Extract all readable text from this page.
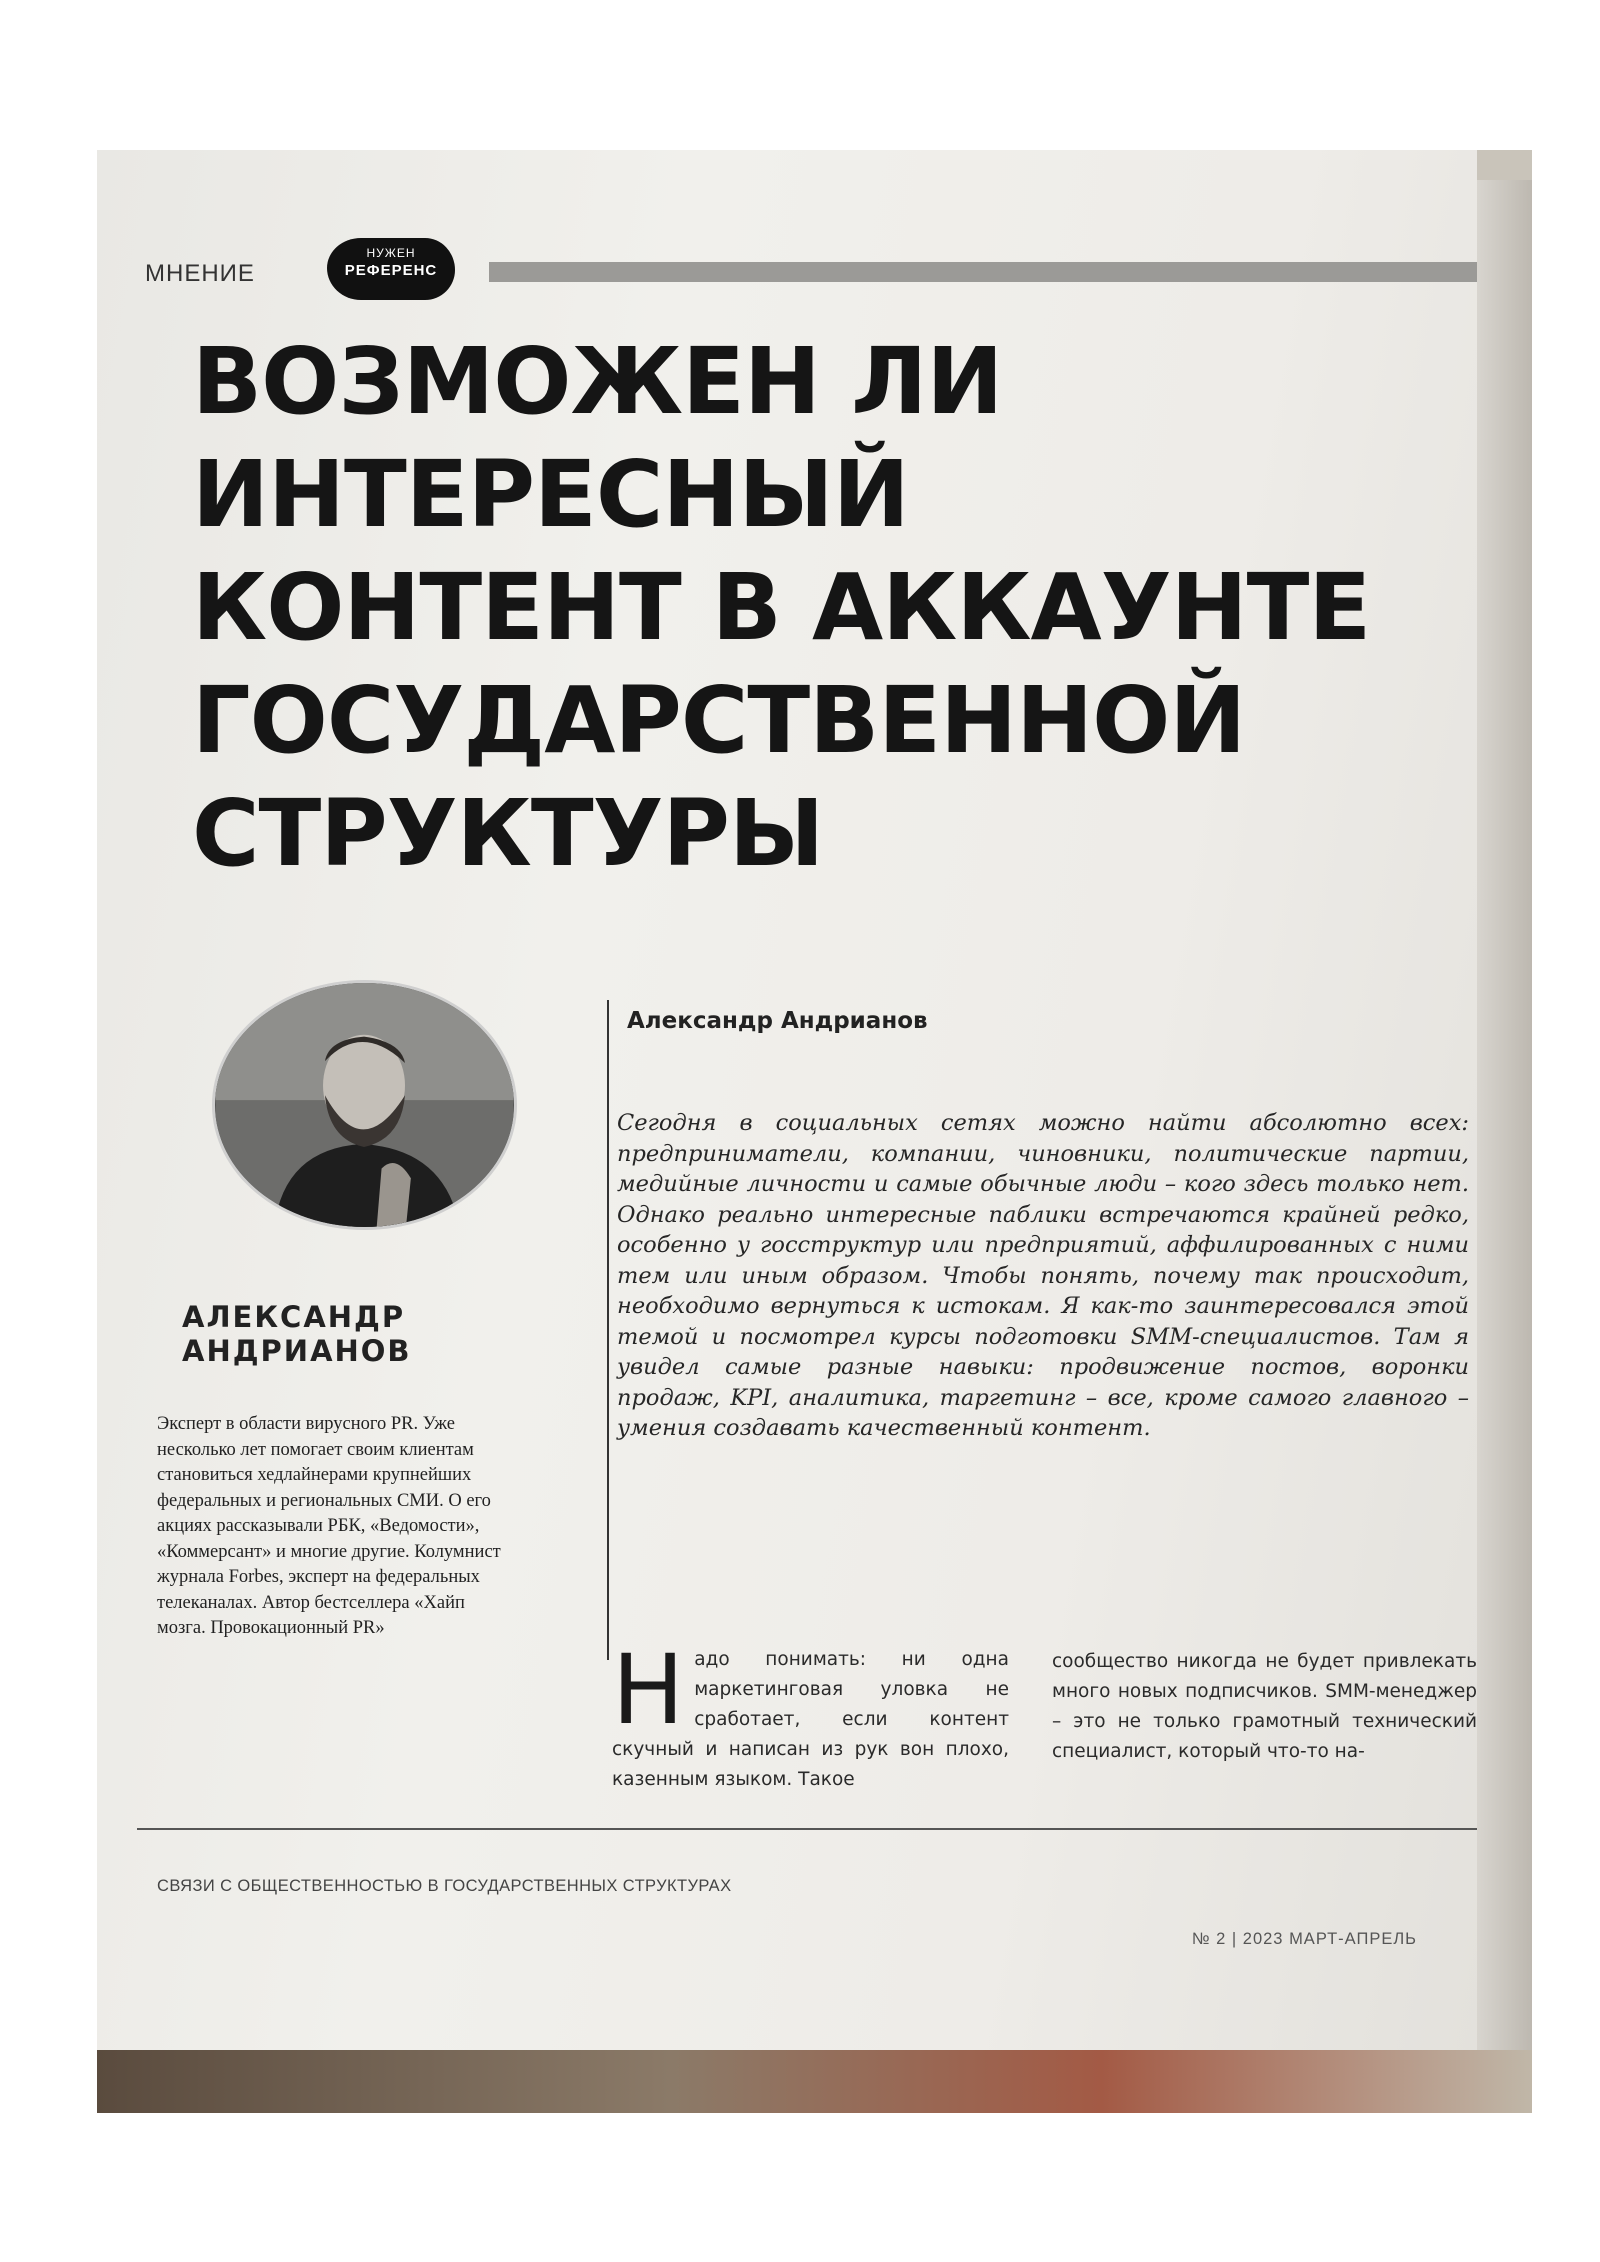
МНЕНИЕ
НУЖЕН
РЕФЕРЕНС
ВОЗМОЖЕН ЛИ ИНТЕРЕСНЫЙ КОНТЕНТ В АККАУНТЕ ГОСУДАРСТВЕННОЙ СТРУКТУРЫ
АЛЕКСАНДР
АНДРИАНОВ

Эксперт в области вирусного PR. Уже несколько лет помогает своим клиентам становиться хедлайнерами крупнейших федеральных и региональных СМИ. О его акциях рассказывали РБК, «Ведомости», «Коммерсант» и многие другие. Колумнист журнала Forbes, эксперт на федеральных телеканалах. Автор бестселлера «Хайп мозга. Провокационный PR»

Александр Андрианов

Сегодня в социальных сетях можно найти абсолютно всех: предприниматели, компании, чиновники, политические партии, медийные личности и самые обычные люди – кого здесь только нет. Однако реально интересные паблики встречаются крайней редко, особенно у госструктур или предприятий, аффилированных с ними тем или иным образом. Чтобы понять, почему так происходит, необходимо вернуться к истокам. Я как-то заинтересовался этой темой и посмотрел курсы подготовки SMM-специалистов. Там я увидел самые разные навыки: продвижение постов, воронки продаж, KPI, аналитика, таргетинг – все, кроме самого главного – умения создавать качественный контент.

Н адо понимать: ни одна маркетинговая уловка не сработает, если контент скучный и написан из рук вон плохо, казенным языком. Такое
сообщество никогда не будет привлекать много новых подписчиков. SMM-менеджер – это не только грамотный технический специалист, который что-то на-
СВЯЗИ С ОБЩЕСТВЕННОСТЬЮ В ГОСУДАРСТВЕННЫХ СТРУКТУРАХ
№ 2 | 2023 МАРТ-АПРЕЛЬ
